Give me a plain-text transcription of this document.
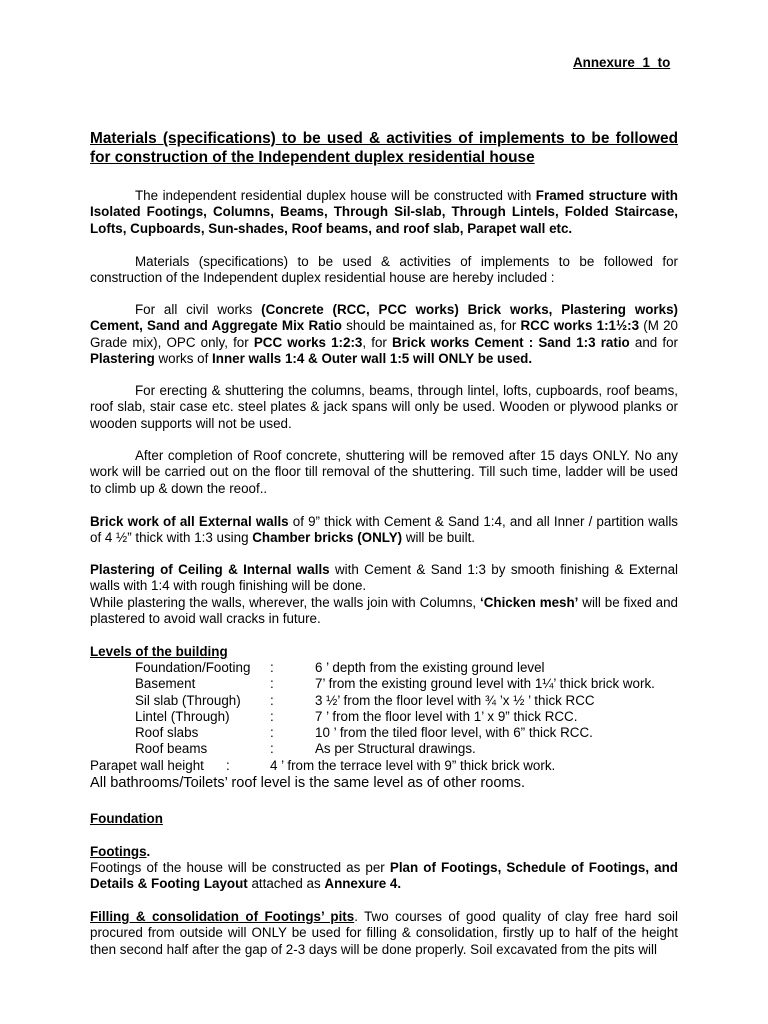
Annexure 1 to
Materials (specifications) to be used & activities of implements to be followed for construction of the Independent duplex residential house
The independent residential duplex house will be constructed with Framed structure with Isolated Footings, Columns, Beams, Through Sil-slab, Through Lintels, Folded Staircase, Lofts, Cupboards, Sun-shades, Roof beams, and roof slab, Parapet wall etc.
Materials (specifications) to be used & activities of implements to be followed for construction of the Independent duplex residential house are hereby included :
For all civil works (Concrete (RCC, PCC works) Brick works, Plastering works) Cement, Sand and Aggregate Mix Ratio should be maintained as, for RCC works 1:1½:3 (M 20 Grade mix), OPC only, for PCC works 1:2:3, for Brick works Cement : Sand 1:3 ratio and for Plastering works of Inner walls 1:4 & Outer wall 1:5 will ONLY be used.
For erecting & shuttering the columns, beams, through lintel, lofts, cupboards, roof beams, roof slab, stair case etc. steel plates & jack spans will only be used. Wooden or plywood planks or wooden supports will not be used.
After completion of Roof concrete, shuttering will be removed after 15 days ONLY. No any work will be carried out on the floor till removal of the shuttering. Till such time, ladder will be used to climb up & down the reoof..
Brick work of all External walls of 9” thick with Cement & Sand 1:4, and all Inner / partition walls of 4 ½” thick with 1:3 using Chamber bricks (ONLY) will be built.
Plastering of Ceiling & Internal walls with Cement & Sand 1:3 by smooth finishing & External walls with 1:4 with rough finishing will be done.
While plastering the walls, wherever, the walls join with Columns, ‘Chicken mesh’ will be fixed and plastered to avoid wall cracks in future.
Levels of the building
Foundation/Footing :	6 ’ depth from the existing ground level
Basement	:	7’ from the existing ground level with 1¼’ thick brick work.
Sil slab (Through) :	3 ½’ from the floor level with ¾ ’x ½ ’ thick RCC
Lintel (Through)	:	7 ’ from the floor level with 1’ x 9” thick RCC.
Roof slabs	:	10 ’ from the tiled floor level, with 6” thick RCC.
Roof beams	:	As per Structural drawings.
Parapet wall height :	4 ’ from the terrace level with 9” thick brick work.
All bathrooms/Toilets’ roof level is the same level as of other rooms.
Foundation
Footings.
Footings of the house will be constructed as per Plan of Footings, Schedule of Footings, and Details & Footing Layout attached as Annexure 4.
Filling & consolidation of Footings’ pits. Two courses of good quality of clay free hard soil procured from outside will ONLY be used for filling & consolidation, firstly up to half of the height then second half after the gap of 2-3 days will be done properly. Soil excavated from the pits will
